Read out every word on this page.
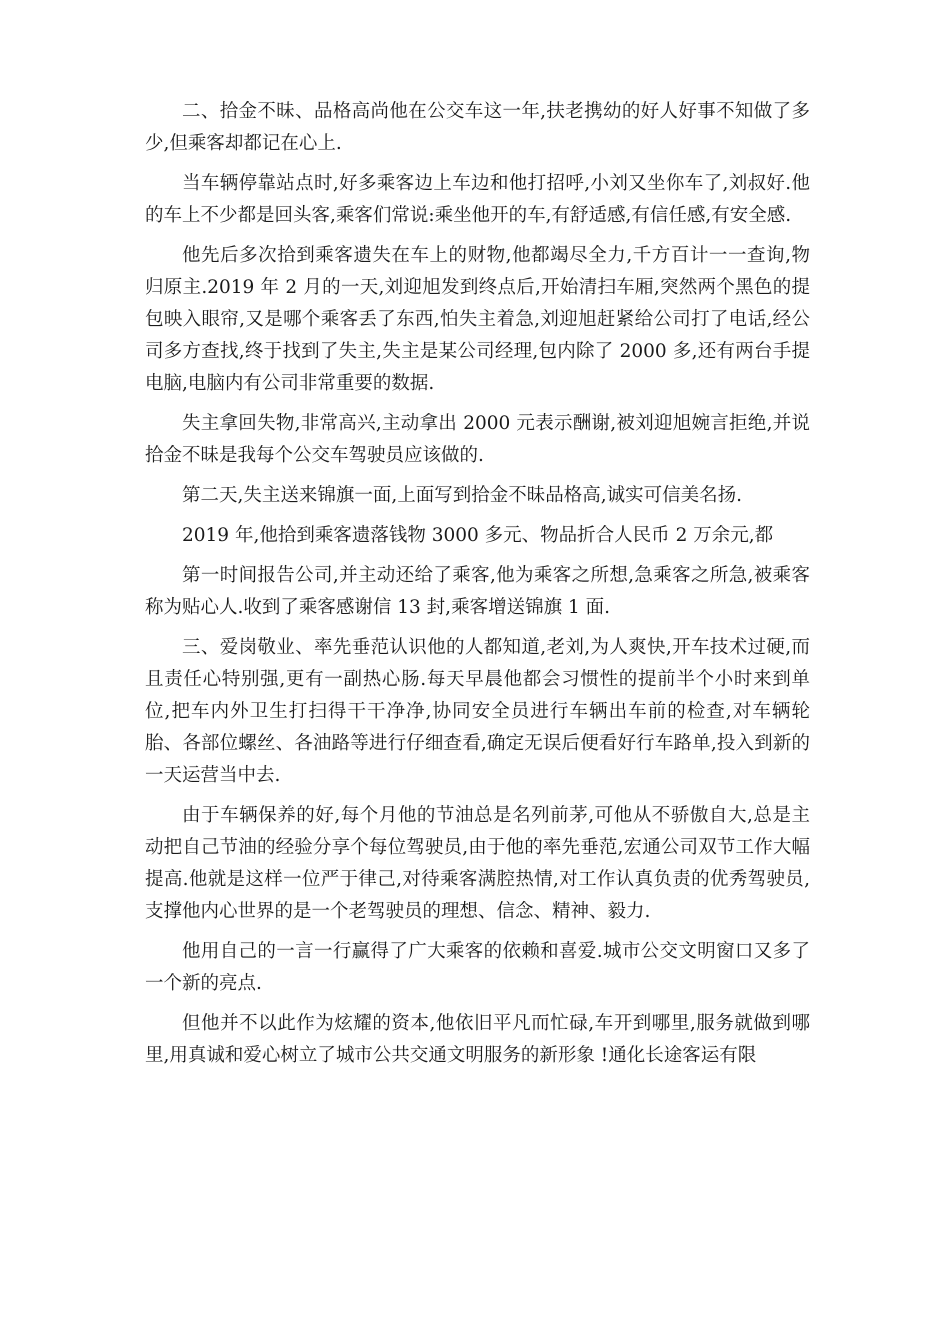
二、拾金不昧、品格高尚他在公交车这一年,扶老携幼的好人好事不知做了多少,但乘客却都记在心上.

当车辆停靠站点时,好多乘客边上车边和他打招呼,小刘又坐你车了,刘叔好.他的车上不少都是回头客,乘客们常说:乘坐他开的车,有舒适感,有信任感,有安全感.

他先后多次拾到乘客遗失在车上的财物,他都竭尽全力,千方百计一一查询,物归原主.2019 年 2 月的一天,刘迎旭发到终点后,开始清扫车厢,突然两个黑色的提包映入眼帘,又是哪个乘客丢了东西,怕失主着急,刘迎旭赶紧给公司打了电话,经公司多方查找,终于找到了失主,失主是某公司经理,包内除了 2000 多,还有两台手提电脑,电脑内有公司非常重要的数据.

失主拿回失物,非常高兴,主动拿出 2000 元表示酬谢,被刘迎旭婉言拒绝,并说拾金不昧是我每个公交车驾驶员应该做的.

第二天,失主送来锦旗一面,上面写到拾金不昧品格高,诚实可信美名扬.

2019 年,他拾到乘客遗落钱物 3000 多元、物品折合人民币 2 万余元,都

第一时间报告公司,并主动还给了乘客,他为乘客之所想,急乘客之所急,被乘客称为贴心人.收到了乘客感谢信 13 封,乘客增送锦旗 1 面.

三、爱岗敬业、率先垂范认识他的人都知道,老刘,为人爽快,开车技术过硬,而且责任心特别强,更有一副热心肠.每天早晨他都会习惯性的提前半个小时来到单位,把车内外卫生打扫得干干净净,协同安全员进行车辆出车前的检查,对车辆轮胎、各部位螺丝、各油路等进行仔细查看,确定无误后便看好行车路单,投入到新的一天运营当中去.

由于车辆保养的好,每个月他的节油总是名列前茅,可他从不骄傲自大,总是主动把自己节油的经验分享个每位驾驶员,由于他的率先垂范,宏通公司双节工作大幅提高.他就是这样一位严于律己,对待乘客满腔热情,对工作认真负责的优秀驾驶员,支撑他内心世界的是一个老驾驶员的理想、信念、精神、毅力.

他用自己的一言一行赢得了广大乘客的依赖和喜爱.城市公交文明窗口又多了一个新的亮点.

但他并不以此作为炫耀的资本,他依旧平凡而忙碌,车开到哪里,服务就做到哪里,用真诚和爱心树立了城市公共交通文明服务的新形象 !通化长途客运有限
